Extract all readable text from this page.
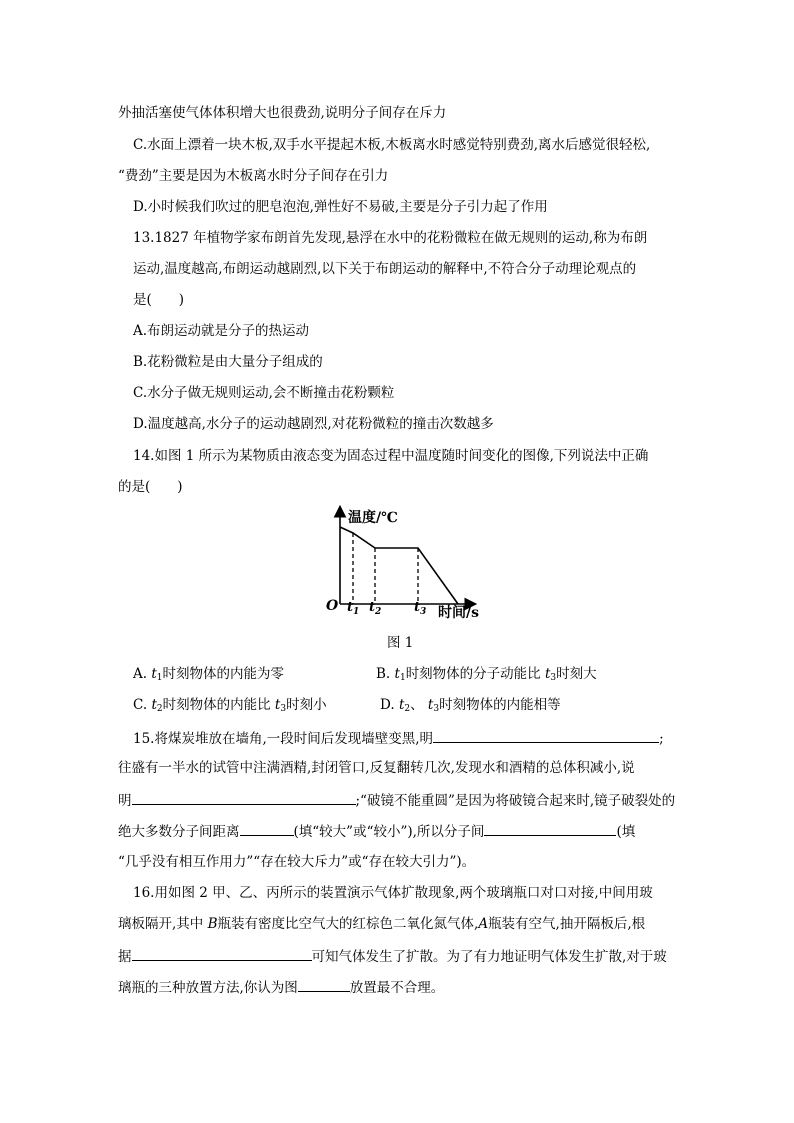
外抽活塞使气体体积增大也很费劲,说明分子间存在斥力
C.水面上漂着一块木板,双手水平提起木板,木板离水时感觉特别费劲,离水后感觉很轻松,
“费劲”主要是因为木板离水时分子间存在引力
D.小时候我们吹过的肥皂泡泡,弹性好不易破,主要是分子引力起了作用
13.1827 年植物学家布朗首先发现,悬浮在水中的花粉微粒在做无规则的运动,称为布朗
运动,温度越高,布朗运动越剧烈,以下关于布朗运动的解释中,不符合分子动理论观点的
是(　　)
A.布朗运动就是分子的热运动
B.花粉微粒是由大量分子组成的
C.水分子做无规则运动,会不断撞击花粉颗粒
D.温度越高,水分子的运动越剧烈,对花粉微粒的撞击次数越多
14.如图 1 所示为某物质由液态变为固态过程中温度随时间变化的图像,下列说法中正确
的是(　　)
温度/℃
O $t_1$ $t_2$	$t_3$ 时间/s
图 1
A. $t_1$时刻物体的内能为零	B. $t_1$时刻物体的分子动能比 $t_3$时刻大
C. $t_2$时刻物体的内能比 $t_3$时刻小	D. $t_2$、 $t_3$时刻物体的内能相等
15.将煤炭堆放在墙角,一段时间后发现墙壁变黑,明	;
往盛有一半水的试管中注满酒精,封闭管口,反复翻转几次,发现水和酒精的总体积减小,说
明	;“破镜不能重圆”是因为将破镜合起来时,镜子破裂处的
绝大多数分子间距离	(填“较大”或“较小”),所以分子间	(填
“几乎没有相互作用力”“存在较大斥力”或“存在较大引力”)。
16.用如图 2 甲、乙、丙所示的装置演示气体扩散现象,两个玻璃瓶口对口对接,中间用玻
璃板隔开,其中 B瓶装有密度比空气大的红棕色二氧化氮气体,A瓶装有空气,抽开隔板后,根
据	可知气体发生了扩散。为了有力地证明气体发生扩散,对于玻
璃瓶的三种放置方法,你认为图	放置最不合理。
